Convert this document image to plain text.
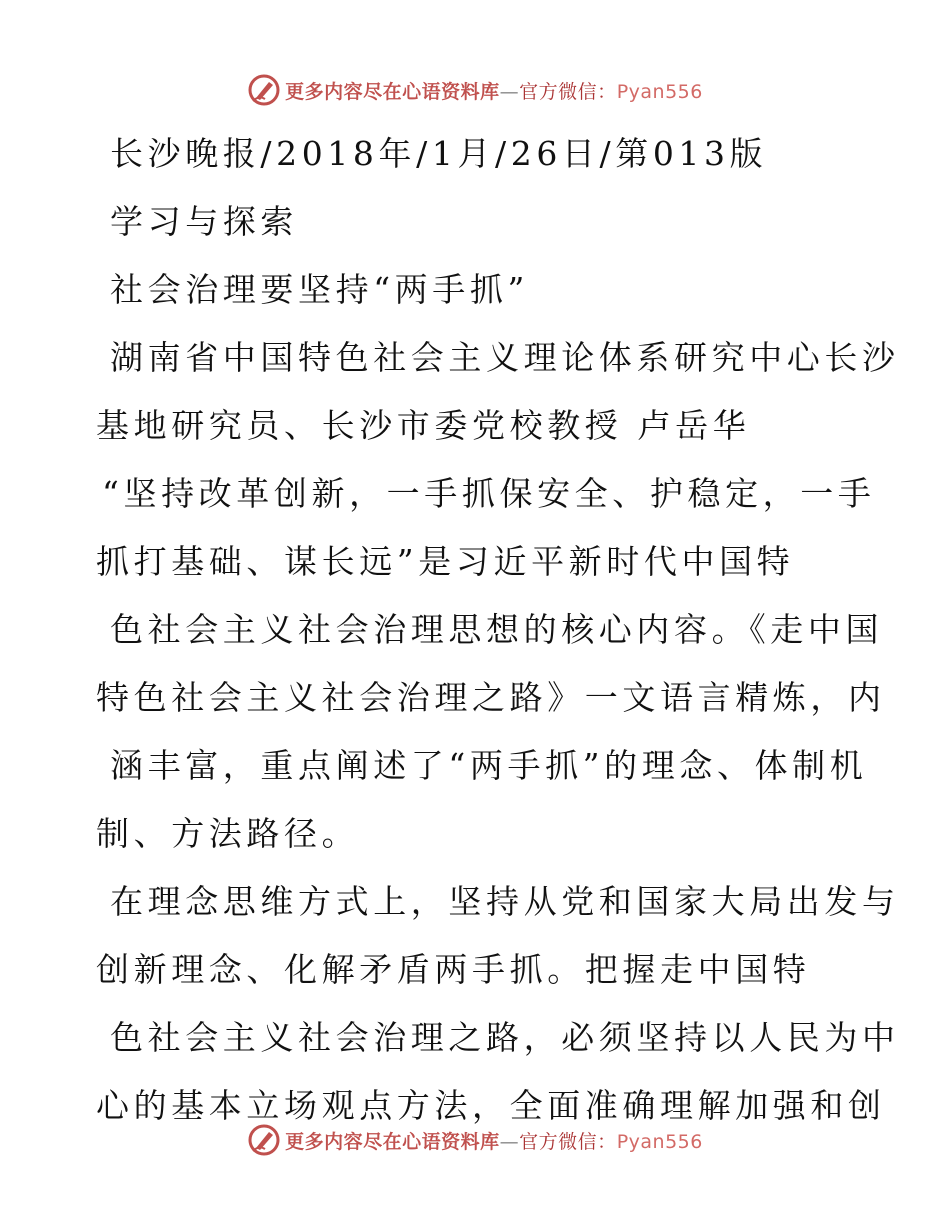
更多内容尽在心语资料库—官方微信：Pyan556
长沙晚报/2018年/1月/26日/第013版
学习与探索
社会治理要坚持“两手抓”
湖南省中国特色社会主义理论体系研究中心长沙
基地研究员、长沙市委党校教授 卢岳华
“坚持改革创新，一手抓保安全、护稳定，一手
抓打基础、谋长远”是习近平新时代中国特
色社会主义社会治理思想的核心内容。《走中国
特色社会主义社会治理之路》一文语言精炼，内
涵丰富，重点阐述了“两手抓”的理念、体制机
制、方法路径。
在理念思维方式上，坚持从党和国家大局出发与
创新理念、化解矛盾两手抓。把握走中国特
色社会主义社会治理之路，必须坚持以人民为中
心的基本立场观点方法，全面准确理解加强和创
更多内容尽在心语资料库—官方微信：Pyan556
